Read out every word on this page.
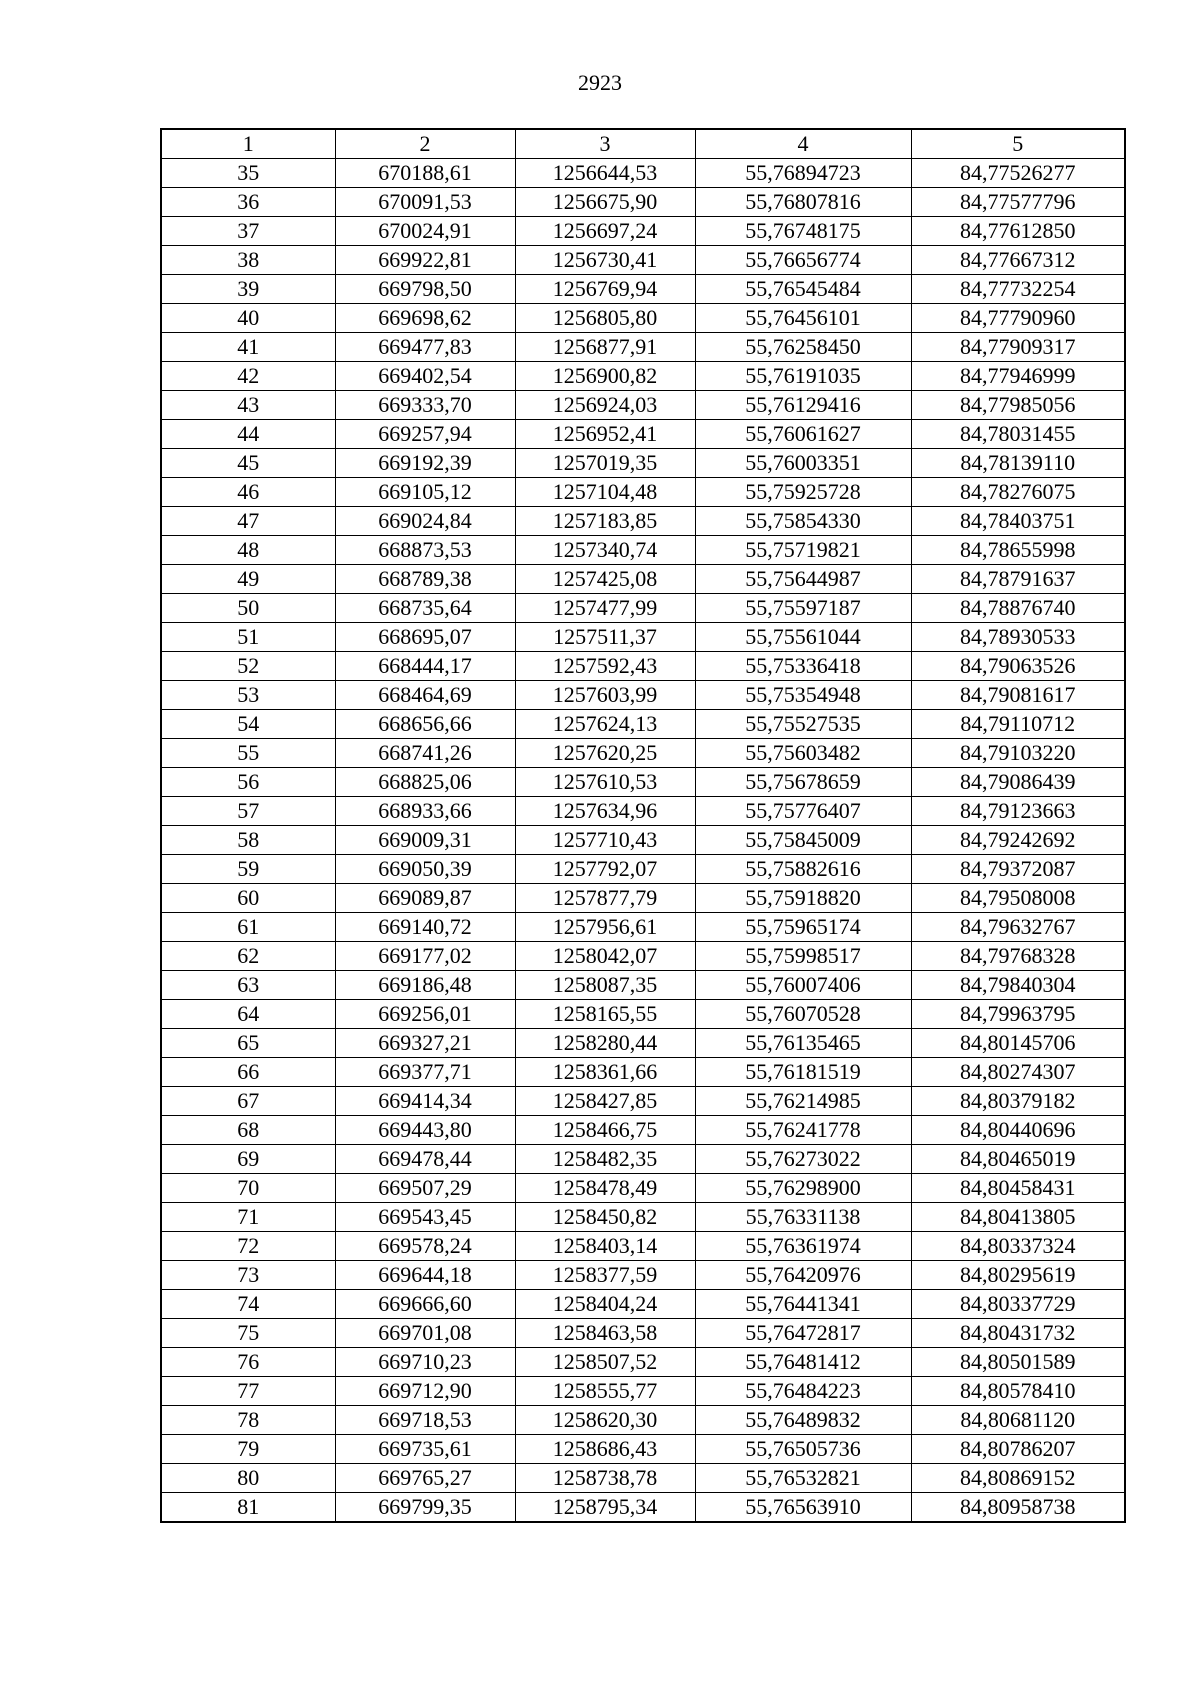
2923
1	2	3	4	5
35	670188,61	1256644,53	55,76894723	84,77526277
36	670091,53	1256675,90	55,76807816	84,77577796
37	670024,91	1256697,24	55,76748175	84,77612850
38	669922,81	1256730,41	55,76656774	84,77667312
39	669798,50	1256769,94	55,76545484	84,77732254
40	669698,62	1256805,80	55,76456101	84,77790960
41	669477,83	1256877,91	55,76258450	84,77909317
42	669402,54	1256900,82	55,76191035	84,77946999
43	669333,70	1256924,03	55,76129416	84,77985056
44	669257,94	1256952,41	55,76061627	84,78031455
45	669192,39	1257019,35	55,76003351	84,78139110
46	669105,12	1257104,48	55,75925728	84,78276075
47	669024,84	1257183,85	55,75854330	84,78403751
48	668873,53	1257340,74	55,75719821	84,78655998
49	668789,38	1257425,08	55,75644987	84,78791637
50	668735,64	1257477,99	55,75597187	84,78876740
51	668695,07	1257511,37	55,75561044	84,78930533
52	668444,17	1257592,43	55,75336418	84,79063526
53	668464,69	1257603,99	55,75354948	84,79081617
54	668656,66	1257624,13	55,75527535	84,79110712
55	668741,26	1257620,25	55,75603482	84,79103220
56	668825,06	1257610,53	55,75678659	84,79086439
57	668933,66	1257634,96	55,75776407	84,79123663
58	669009,31	1257710,43	55,75845009	84,79242692
59	669050,39	1257792,07	55,75882616	84,79372087
60	669089,87	1257877,79	55,75918820	84,79508008
61	669140,72	1257956,61	55,75965174	84,79632767
62	669177,02	1258042,07	55,75998517	84,79768328
63	669186,48	1258087,35	55,76007406	84,79840304
64	669256,01	1258165,55	55,76070528	84,79963795
65	669327,21	1258280,44	55,76135465	84,80145706
66	669377,71	1258361,66	55,76181519	84,80274307
67	669414,34	1258427,85	55,76214985	84,80379182
68	669443,80	1258466,75	55,76241778	84,80440696
69	669478,44	1258482,35	55,76273022	84,80465019
70	669507,29	1258478,49	55,76298900	84,80458431
71	669543,45	1258450,82	55,76331138	84,80413805
72	669578,24	1258403,14	55,76361974	84,80337324
73	669644,18	1258377,59	55,76420976	84,80295619
74	669666,60	1258404,24	55,76441341	84,80337729
75	669701,08	1258463,58	55,76472817	84,80431732
76	669710,23	1258507,52	55,76481412	84,80501589
77	669712,90	1258555,77	55,76484223	84,80578410
78	669718,53	1258620,30	55,76489832	84,80681120
79	669735,61	1258686,43	55,76505736	84,80786207
80	669765,27	1258738,78	55,76532821	84,80869152
81	669799,35	1258795,34	55,76563910	84,80958738
